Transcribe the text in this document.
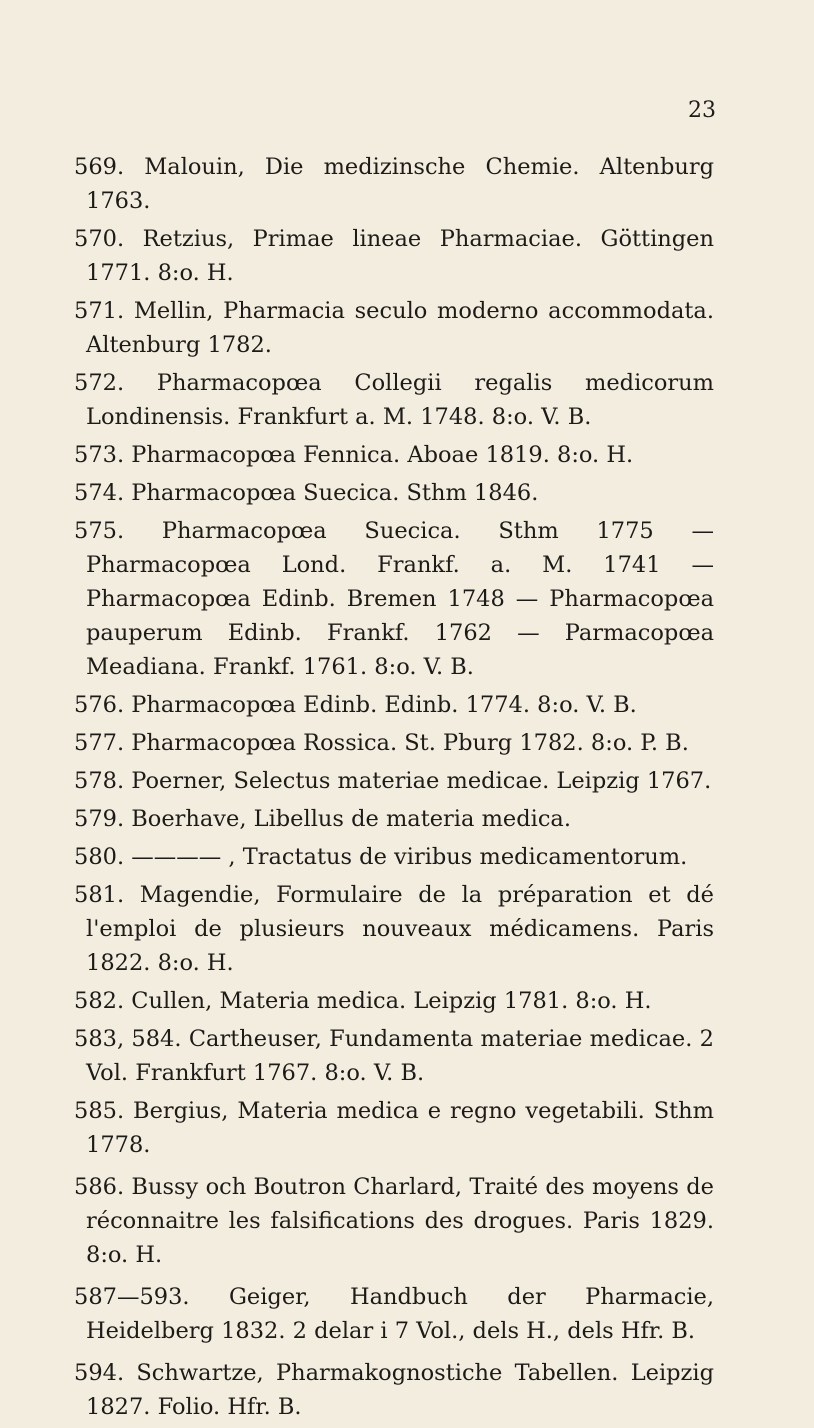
23

569. Malouin, Die medizinsche Chemie. Altenburg 1763.

570. Retzius, Primae lineae Pharmaciae. Göttingen 1771. 8:o. H.

571. Mellin, Pharmacia seculo moderno accommodata. Altenburg 1782.

572. Pharmacopœa Collegii regalis medicorum Londinensis. Frankfurt a. M. 1748. 8:o. V. B.

573. Pharmacopœa Fennica. Aboae 1819. 8:o. H.

574. Pharmacopœa Suecica. Sthm 1846.

575. Pharmacopœa Suecica. Sthm 1775 — Pharmacopœa Lond. Frankf. a. M. 1741 — Pharmacopœa Edinb. Bremen 1748 — Pharmacopœa pauperum Edinb. Frankf. 1762 — Parmacopœa Meadiana. Frankf. 1761. 8:o. V. B.

576. Pharmacopœa Edinb. Edinb. 1774. 8:o. V. B.

577. Pharmacopœa Rossica. St. Pburg 1782. 8:o. P. B.

578. Poerner, Selectus materiae medicae. Leipzig 1767.

579. Boerhave, Libellus de materia medica.

580. ———— , Tractatus de viribus medicamentorum.

581. Magendie, Formulaire de la préparation et dé l'emploi de plusieurs nouveaux médicamens. Paris 1822. 8:o. H.

582. Cullen, Materia medica. Leipzig 1781. 8:o. H.

583, 584. Cartheuser, Fundamenta materiae medicae. 2 Vol. Frankfurt 1767. 8:o. V. B.

585. Bergius, Materia medica e regno vegetabili. Sthm 1778.

586. Bussy och Boutron Charlard, Traité des moyens de réconnaitre les falsifications des drogues. Paris 1829. 8:o. H.

587—593. Geiger, Handbuch der Pharmacie, Heidelberg 1832. 2 delar i 7 Vol., dels H., dels Hfr. B.

594. Schwartze, Pharmakognostiche Tabellen. Leipzig 1827. Folio. Hfr. B.
